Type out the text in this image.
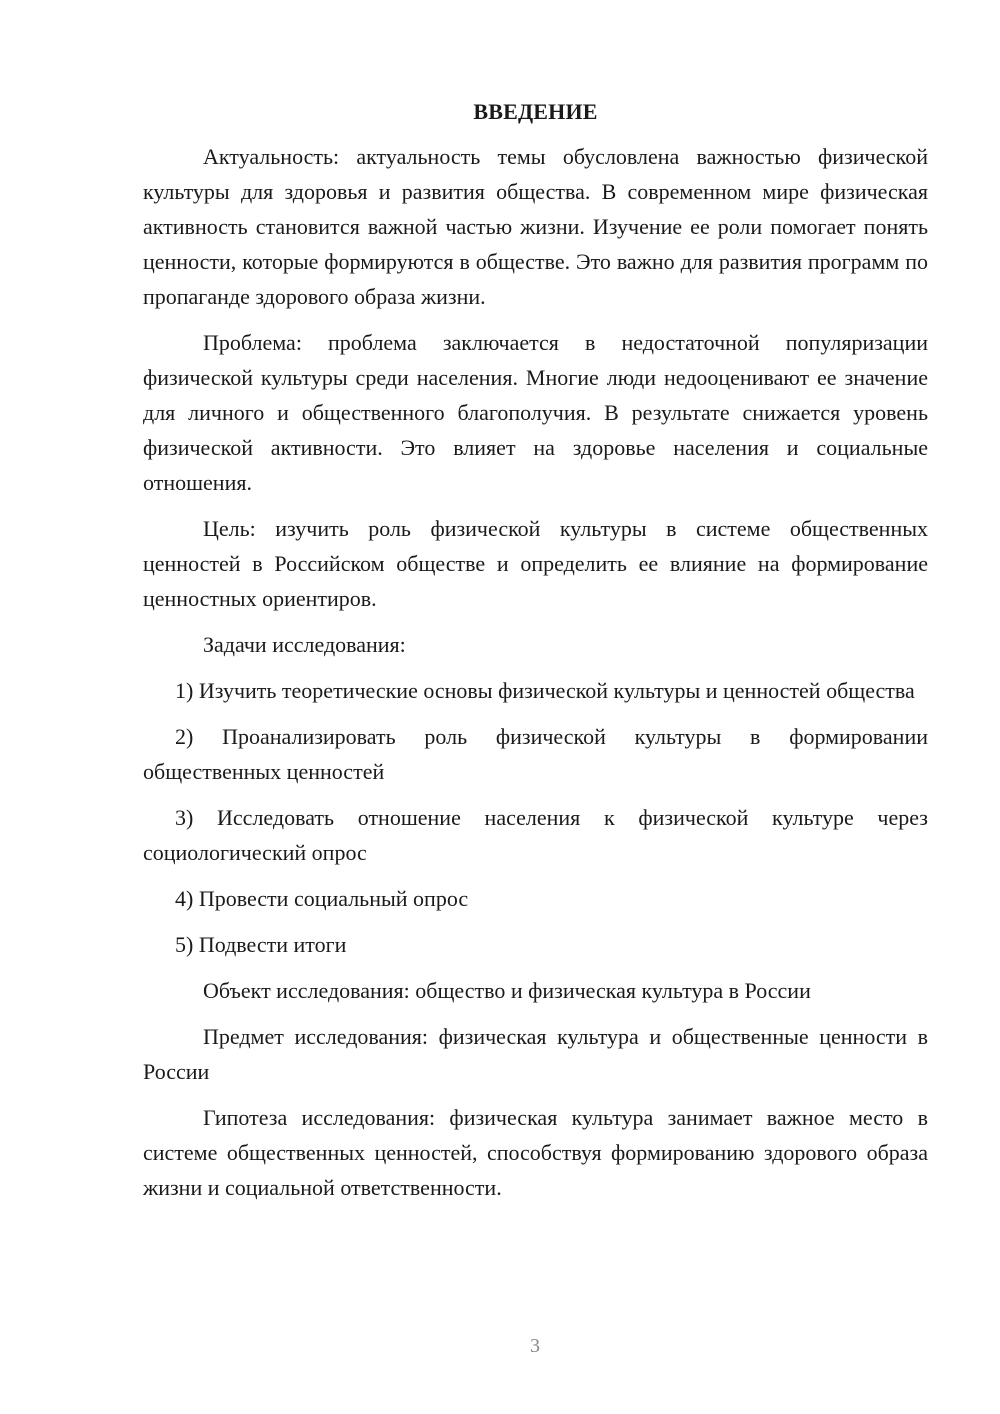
ВВЕДЕНИЕ

Актуальность: актуальность темы обусловлена важностью физической культуры для здоровья и развития общества. В современном мире физическая активность становится важной частью жизни. Изучение ее роли помогает понять ценности, которые формируются в обществе. Это важно для развития программ по пропаганде здорового образа жизни.

Проблема: проблема заключается в недостаточной популяризации физической культуры среди населения. Многие люди недооценивают ее значение для личного и общественного благополучия. В результате снижается уровень физической активности. Это влияет на здоровье населения и социальные отношения.

Цель: изучить роль физической культуры в системе общественных ценностей в Российском обществе и определить ее влияние на формирование ценностных ориентиров.

Задачи исследования:

1) Изучить теоретические основы физической культуры и ценностей общества

2) Проанализировать роль физической культуры в формировании общественных ценностей

3) Исследовать отношение населения к физической культуре через социологический опрос

4) Провести социальный опрос

5) Подвести итоги

Объект исследования: общество и физическая культура в России

Предмет исследования: физическая культура и общественные ценности в России

Гипотеза исследования: физическая культура занимает важное место в системе общественных ценностей, способствуя формированию здорового образа жизни и социальной ответственности.

3
